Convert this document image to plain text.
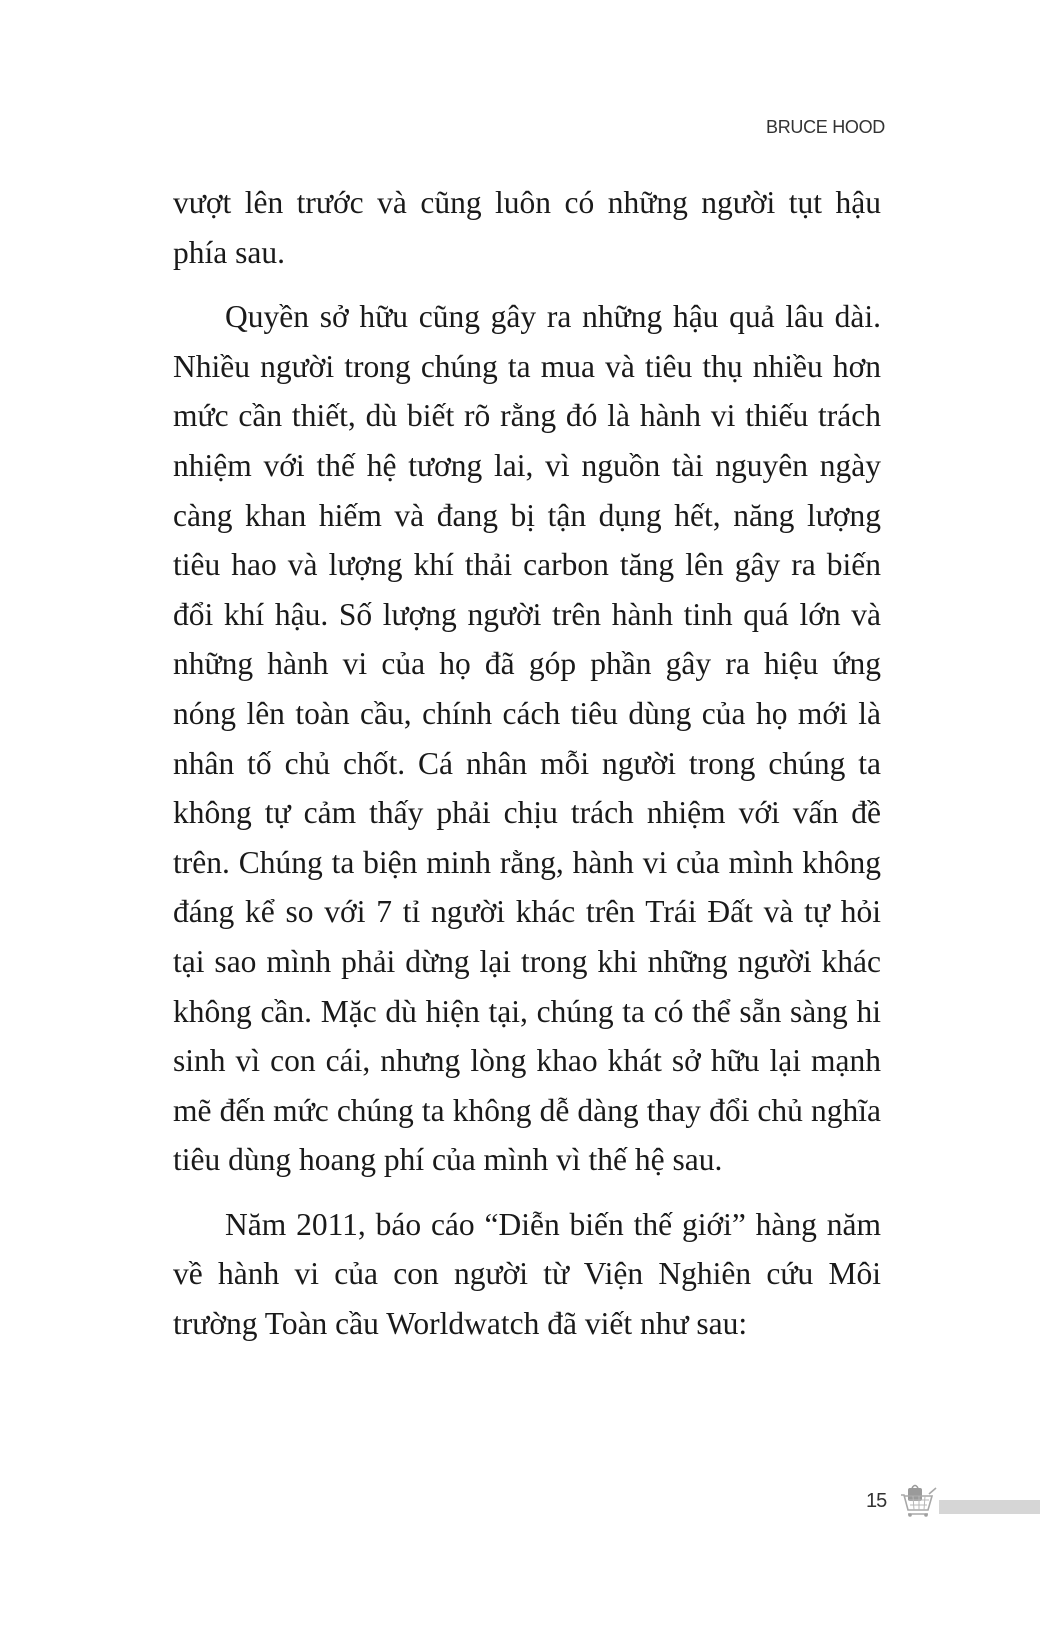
BRUCE HOOD

vượt lên trước và cũng luôn có những người tụt hậu phía sau.

Quyền sở hữu cũng gây ra những hậu quả lâu dài. Nhiều người trong chúng ta mua và tiêu thụ nhiều hơn mức cần thiết, dù biết rõ rằng đó là hành vi thiếu trách nhiệm với thế hệ tương lai, vì nguồn tài nguyên ngày càng khan hiếm và đang bị tận dụng hết, năng lượng tiêu hao và lượng khí thải carbon tăng lên gây ra biến đổi khí hậu. Số lượng người trên hành tinh quá lớn và những hành vi của họ đã góp phần gây ra hiệu ứng nóng lên toàn cầu, chính cách tiêu dùng của họ mới là nhân tố chủ chốt. Cá nhân mỗi người trong chúng ta không tự cảm thấy phải chịu trách nhiệm với vấn đề trên. Chúng ta biện minh rằng, hành vi của mình không đáng kể so với 7 tỉ người khác trên Trái Đất và tự hỏi tại sao mình phải dừng lại trong khi những người khác không cần. Mặc dù hiện tại, chúng ta có thể sẵn sàng hi sinh vì con cái, nhưng lòng khao khát sở hữu lại mạnh mẽ đến mức chúng ta không dễ dàng thay đổi chủ nghĩa tiêu dùng hoang phí của mình vì thế hệ sau.

Năm 2011, báo cáo “Diễn biến thế giới” hàng năm về hành vi của con người từ Viện Nghiên cứu Môi trường Toàn cầu Worldwatch đã viết như sau:

15
